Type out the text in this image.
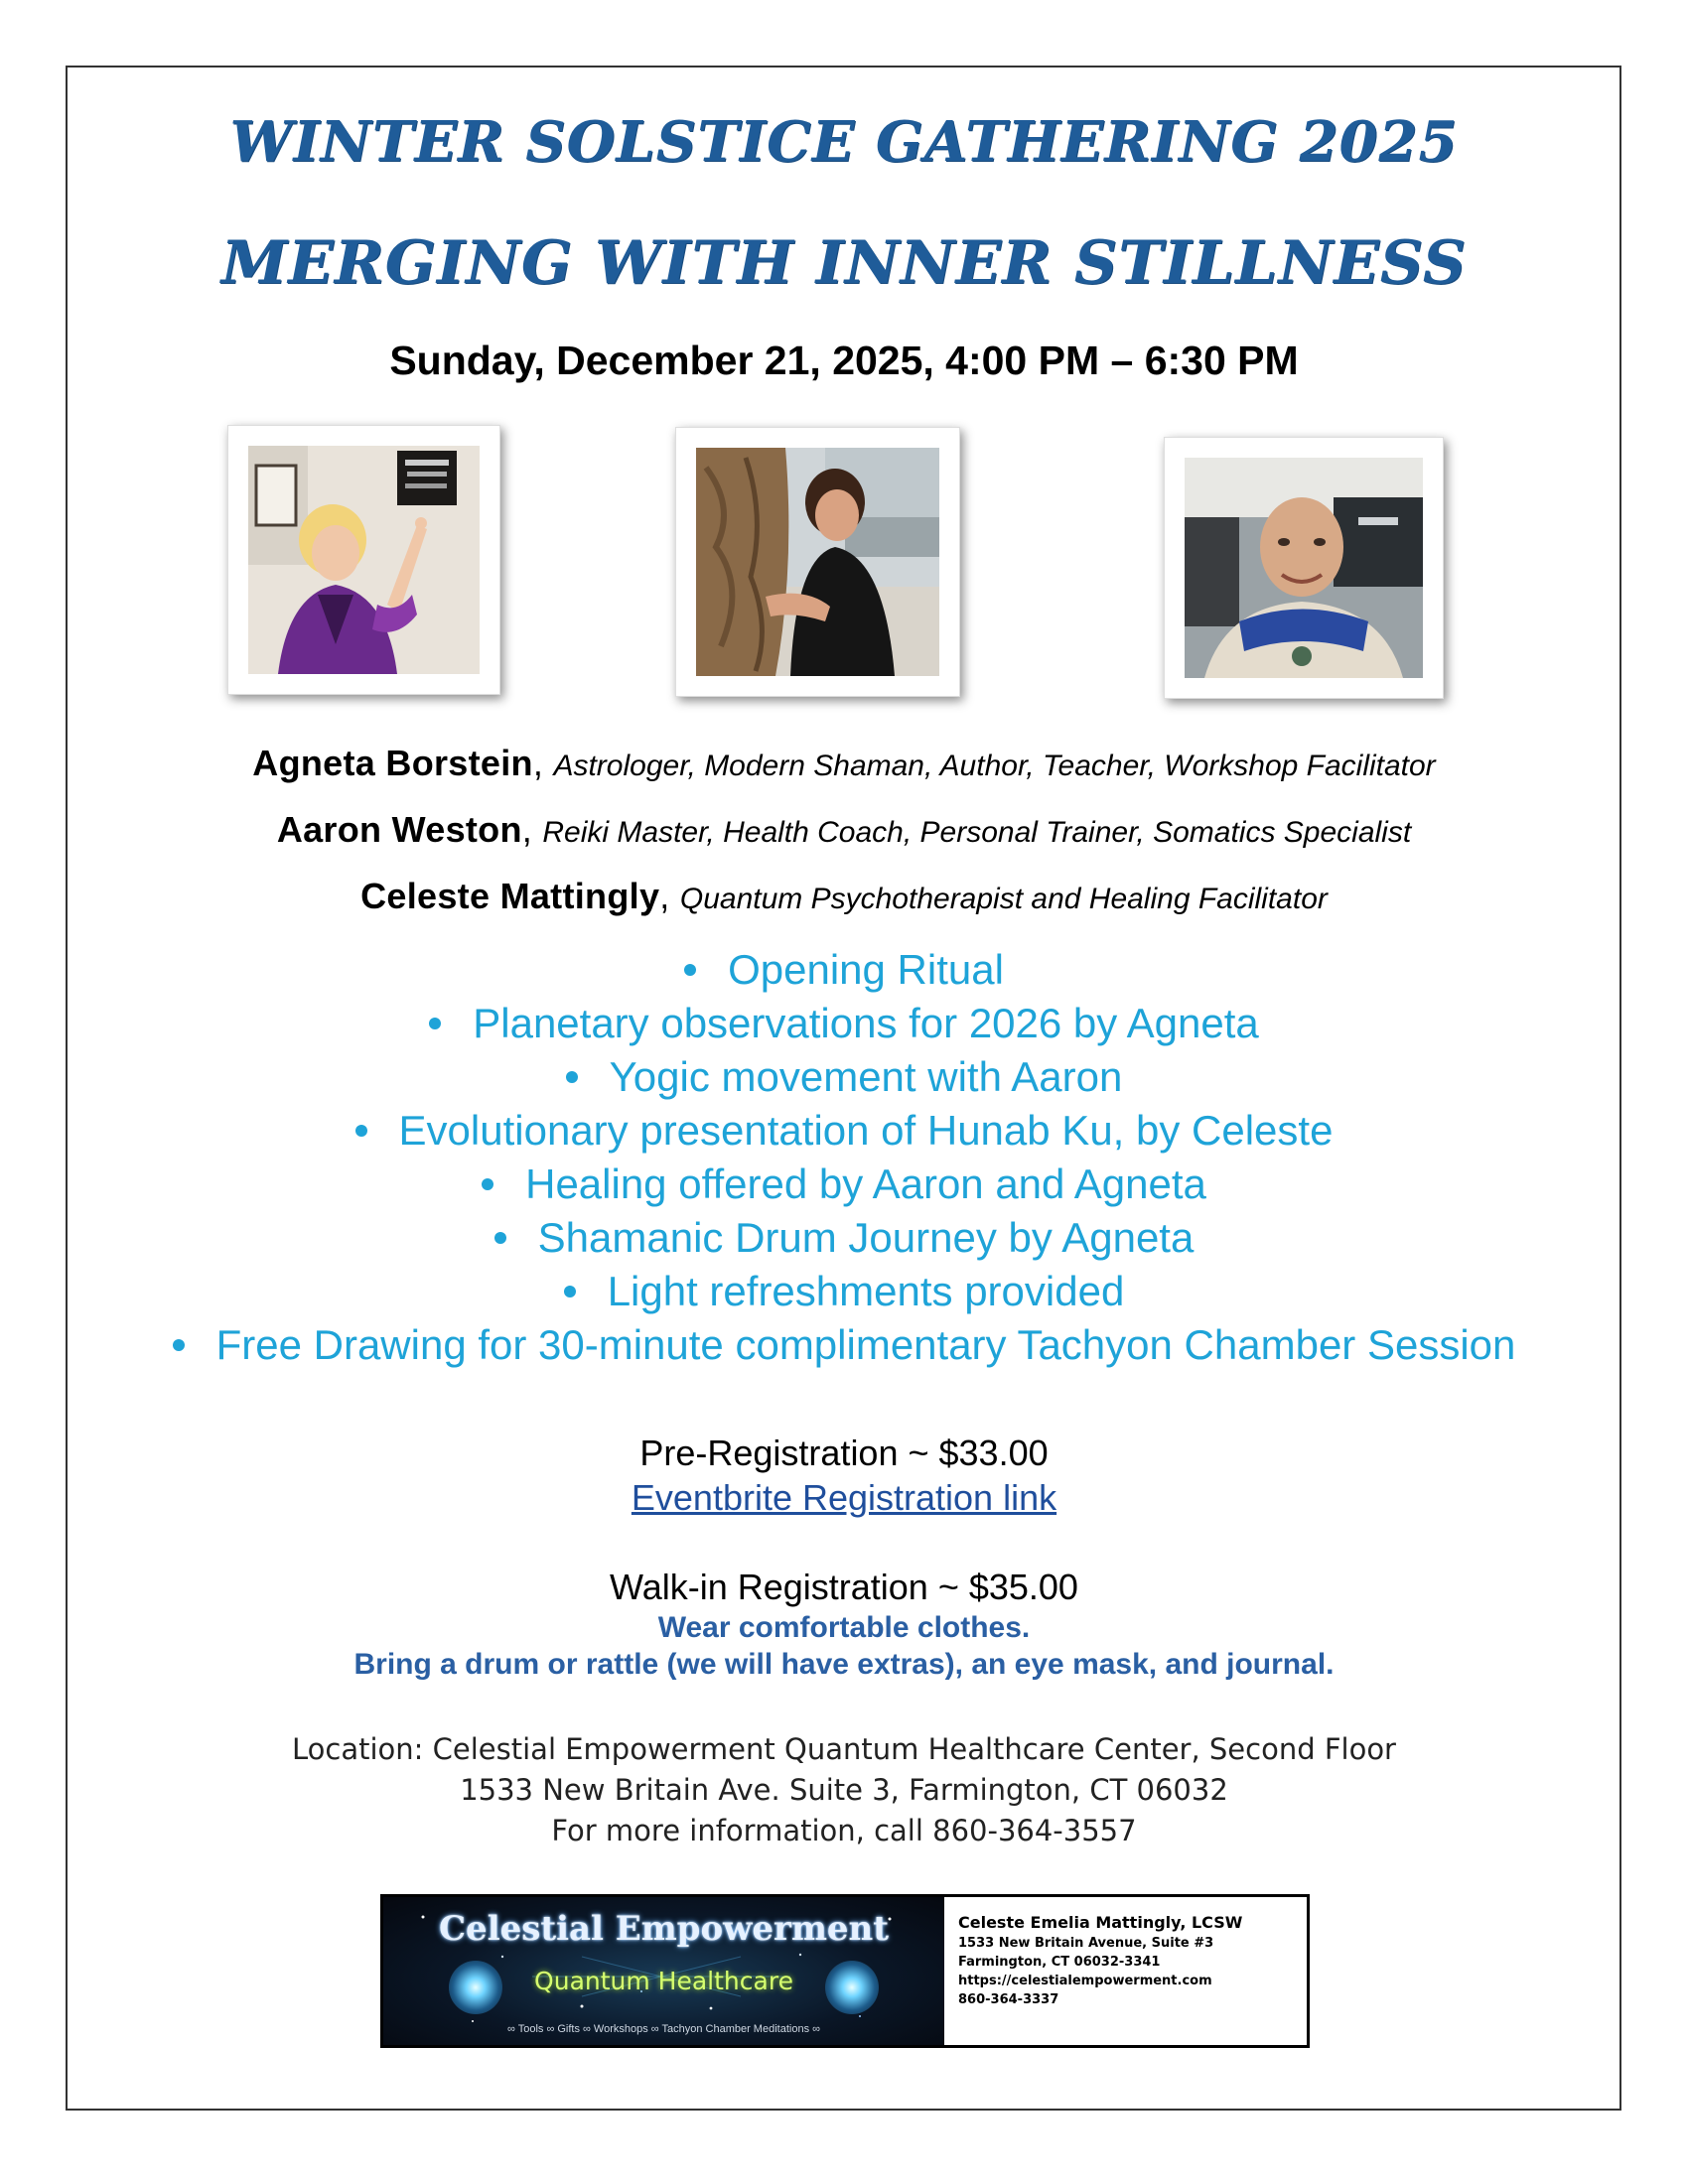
WINTER SOLSTICE GATHERING 2025
MERGING WITH INNER STILLNESS
Sunday, December 21, 2025, 4:00 PM – 6:30 PM
Agneta Borstein, Astrologer, Modern Shaman, Author, Teacher, Workshop Facilitator
Aaron Weston, Reiki Master, Health Coach, Personal Trainer, Somatics Specialist
Celeste Mattingly, Quantum Psychotherapist and Healing Facilitator
Opening Ritual
Planetary observations for 2026 by Agneta
Yogic movement with Aaron
Evolutionary presentation of Hunab Ku, by Celeste
Healing offered by Aaron and Agneta
Shamanic Drum Journey by Agneta
Light refreshments provided
Free Drawing for 30-minute complimentary Tachyon Chamber Session
Pre-Registration ~ $33.00
Eventbrite Registration link
Walk-in Registration ~ $35.00
Wear comfortable clothes.
Bring a drum or rattle (we will have extras), an eye mask, and journal.
Location: Celestial Empowerment Quantum Healthcare Center, Second Floor
1533 New Britain Ave. Suite 3, Farmington, CT 06032
For more information, call 860-364-3557
Celestial Empowerment
Quantum Healthcare
∞ Tools ∞ Gifts ∞ Workshops ∞ Tachyon Chamber Meditations ∞
Celeste Emelia Mattingly, LCSW
1533 New Britain Avenue, Suite #3
Farmington, CT 06032-3341
https://celestialempowerment.com
860-364-3337
